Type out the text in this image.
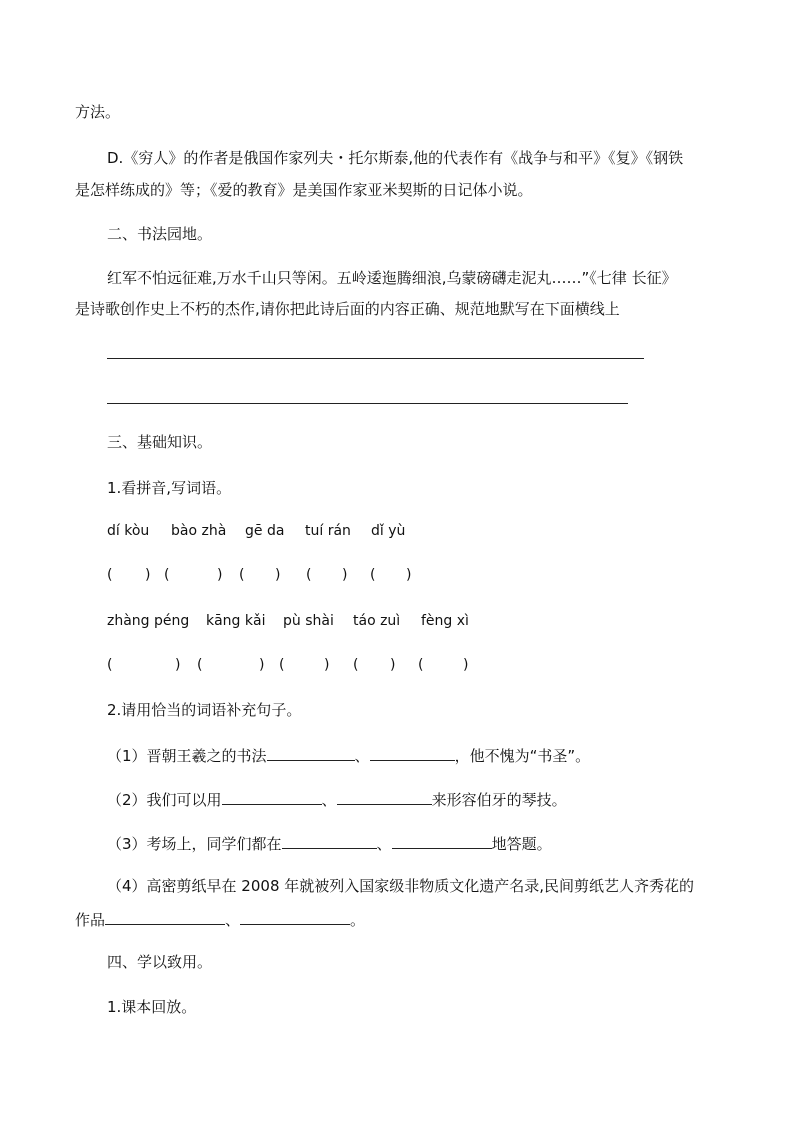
方法。
D.《穷人》的作者是俄国作家列夫・托尔斯泰,他的代表作有《战争与和平》《复》《钢铁
是怎样练成的》等；《爱的教育》是美国作家亚米契斯的日记体小说。
二、书法园地。
红军不怕远征难,万水千山只等闲。五岭逶迤腾细浪,乌蒙磅礴走泥丸……”《七律 长征》
是诗歌创作史上不朽的杰作,请你把此诗后面的内容正确、规范地默写在下面横线上
三、基础知识。
1.看拼音,写词语。
dí kòu bào zhà gē da tuí rán dǐ yù
( ) (	) ( ) ( ) ( )
zhàng péng kāng kǎi pù shài táo zuì fèng xì
(	) (	) (	) ( ) (	)
2.请用恰当的词语补充句子。
（1）晋朝王羲之的书法	、	，他不愧为“书圣”。
（2）我们可以用	、	来形容伯牙的琴技。
（3）考场上，同学们都在	、	地答题。
（4）高密剪纸早在 2008 年就被列入国家级非物质文化遗产名录,民间剪纸艺人齐秀花的
作品	、	。
四、学以致用。
1.课本回放。
